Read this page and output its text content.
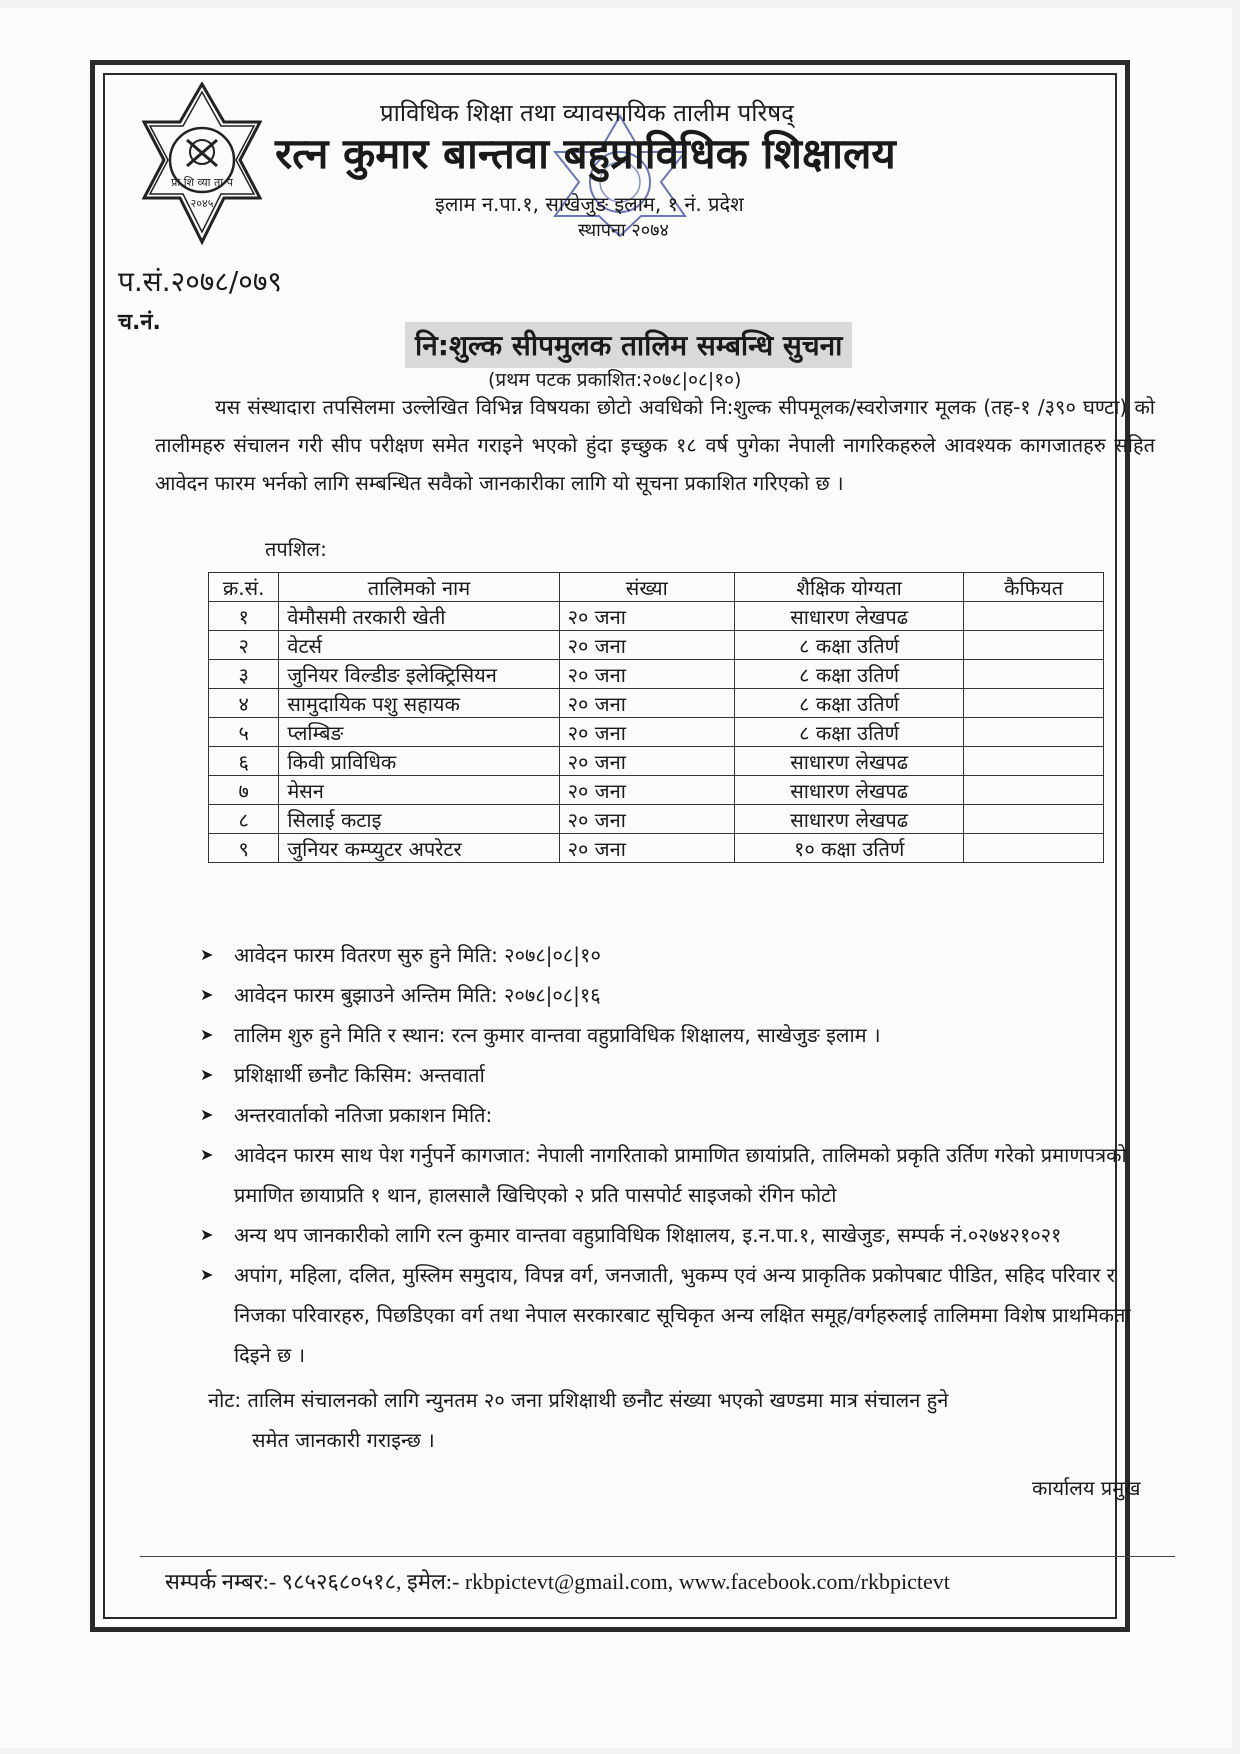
प्रा शि व्या ता प
२०४५
प्राविधिक शिक्षा तथा व्यावसायिक तालीम परिषद्
रत्न कुमार बान्तवा बहुप्राविधिक शिक्षालय
इलाम न.पा.१, साखेजुङ इलाम, १ नं. प्रदेश
स्थापना २०७४
प.सं.२०७८/०७९
च.नं.
नि:शुल्क सीपमुलक तालिम सम्बन्धि सुचना
(प्रथम पटक प्रकाशित:२०७८|०८|१०)
यस संस्थादारा तपसिलमा उल्लेखित विभिन्न विषयका छोटो अवधिको नि:शुल्क सीपमूलक/स्वरोजगार मूलक (तह-१ /३९० घण्टा) को तालीमहरु संचालन गरी सीप परीक्षण समेत गराइने भएको हुंदा इच्छुक १८ वर्ष पुगेका नेपाली नागरिकहरुले आवश्यक कागजातहरु सहित आवेदन फारम भर्नको लागि सम्बन्धित सवैको जानकारीका लागि यो सूचना प्रकाशित गरिएको छ ।
तपशिल:
क्र.सं.	तालिमको नाम	संख्या	शैक्षिक योग्यता	कैफियत
१	वेमौसमी तरकारी खेती	२० जना	साधारण लेखपढ	
२	वेटर्स	२० जना	८ कक्षा उतिर्ण	
३	जुनियर विल्डीङ इलेक्ट्रिसियन	२० जना	८ कक्षा उतिर्ण	
४	सामुदायिक पशु सहायक	२० जना	८ कक्षा उतिर्ण	
५	प्लम्बिङ	२० जना	८ कक्षा उतिर्ण	
६	किवी प्राविधिक	२० जना	साधारण लेखपढ	
७	मेसन	२० जना	साधारण लेखपढ	
८	सिलाई कटाइ	२० जना	साधारण लेखपढ	
९	जुनियर कम्प्युटर अपरेटर	२० जना	१० कक्षा उतिर्ण	
➤ आवेदन फारम वितरण सुरु हुने मिति: २०७८|०८|१०
➤ आवेदन फारम बुझाउने अन्तिम मिति: २०७८|०८|१६
➤ तालिम शुरु हुने मिति र स्थान: रत्न कुमार वान्तवा वहुप्राविधिक शिक्षालय, साखेजुङ इलाम ।
➤ प्रशिक्षार्थी छनौट किसिम: अन्तवार्ता
➤ अन्तरवार्ताको नतिजा प्रकाशन मिति:
➤ आवेदन फारम साथ पेश गर्नुपर्ने कागजात: नेपाली नागरिताको प्रामाणित छायांप्रति, तालिमको प्रकृति उर्तिण गरेको प्रमाणपत्रको प्रमाणित छायाप्रति १ थान, हालसालै खिचिएको २ प्रति पासपोर्ट साइजको रंगिन फोटो
➤ अन्य थप जानकारीको लागि रत्न कुमार वान्तवा वहुप्राविधिक शिक्षालय, इ.न.पा.१, साखेजुङ, सम्पर्क नं.०२७४२१०२१
➤ अपांग, महिला, दलित, मुस्लिम समुदाय, विपन्न वर्ग, जनजाती, भुकम्प एवं अन्य प्राकृतिक प्रकोपबाट पीडित, सहिद परिवार र निजका परिवारहरु, पिछडिएका वर्ग तथा नेपाल सरकारबाट सूचिकृत अन्य लक्षित समूह/वर्गहरुलाई तालिममा विशेष प्राथमिकता दिइने छ ।
नोट: तालिम संचालनको लागि न्युनतम २० जना प्रशिक्षाथी छनौट संख्या भएको खण्डमा मात्र संचालन हुने
समेत जानकारी गराइन्छ ।
कार्यालय प्रमुख
सम्पर्क नम्बर:- ९८५२६८०५१८, इमेल:- rkbpictevt@gmail.com, www.facebook.com/rkbpictevt
